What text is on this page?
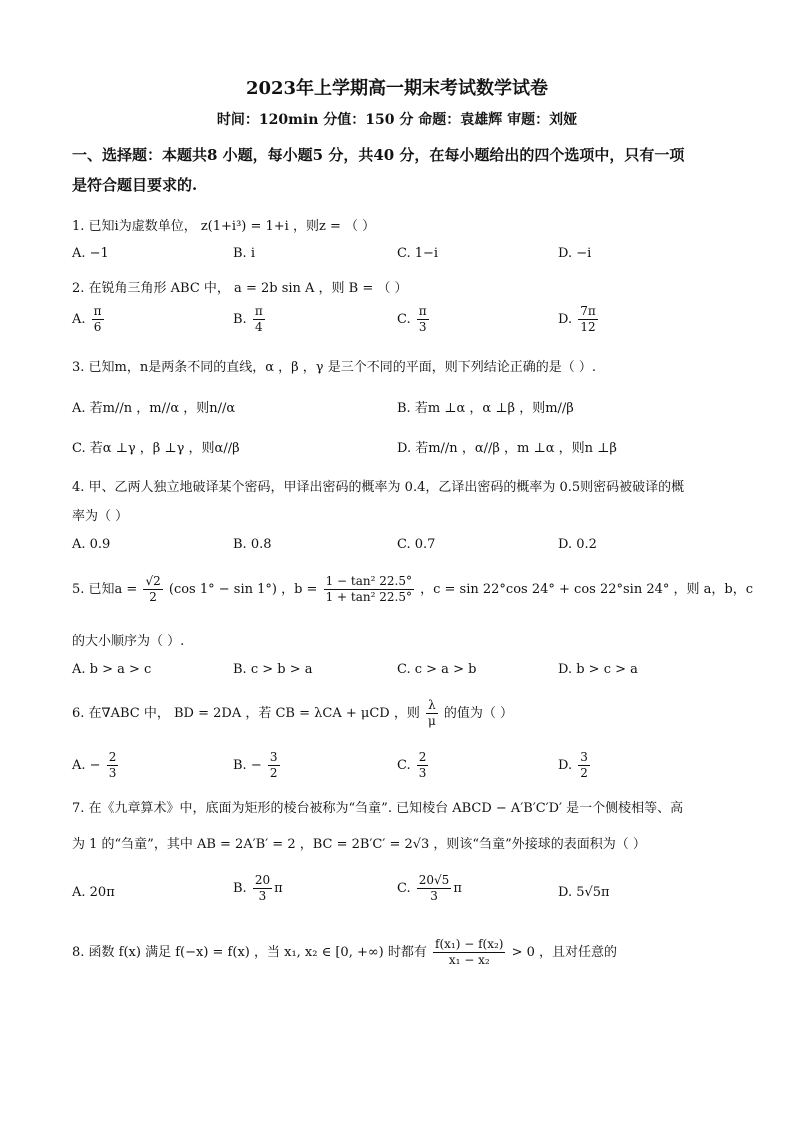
2023年上学期高一期末考试数学试卷
时间：120min 分值：150 分 命题：袁雄辉 审题：刘娅
一、选择题：本题共8 小题，每小题5 分，共40 分，在每小题给出的四个选项中，只有一项
是符合题目要求的.
1. 已知i为虚数单位， z(1+i³) = 1+i ，则z = （ ）
A. −1	B. i	C. 1−i	D. −i
2. 在锐角三角形 ABC 中， a = 2b sin A ，则 B = （ ）
A. $\frac{\pi}{6}$	B. $\frac{\pi}{4}$	C. $\frac{\pi}{3}$	D. $\frac{7\pi}{12}$
3. 已知m，n是两条不同的直线，α ，β ，γ 是三个不同的平面，则下列结论正确的是（ ）.
A. 若m//n ，m//α ，则n//α	B. 若m ⊥α ，α ⊥β ，则m//β
C. 若α ⊥γ ，β ⊥γ ，则α//β	D. 若m//n ，α//β ，m ⊥α ，则n ⊥β
4. 甲、乙两人独立地破译某个密码，甲译出密码的概率为 0.4，乙译出密码的概率为 0.5则密码被破译的概
率为（ ）
A. 0.9	B. 0.8	C. 0.7	D. 0.2
5. 已知$a = \frac{√2}{2} (\cos$ 1° − sin 1°) ，$b = \frac{\text{1 − tan² 22.5°}}{\text{1 + tan² 22.5°}}$ ，c = sin 22°cos 24° + cos 22°sin 24° ，则 a，b，c
的大小顺序为（ ）.
A. b > a > c	B. c > b > a	C. c > a > b	D. b > c > a
6. 在∇ABC 中， BD = 2DA ，若 CB = λCA + μCD ，则 $\frac{\lambda}{\mu}$ 的值为（ ）
A. − $\frac{2}{3}$	B. − $\frac{3}{2}$	C. $\frac{2}{3}$	D. $\frac{3}{2}$
7. 在《九章算术》中，底面为矩形的棱台被称为“刍童”. 已知棱台 ABCD − A′B′C′D′ 是一个侧棱相等、高
为 1 的“刍童”，其中 AB = 2A′B′ = 2 ，BC = 2B′C′ = 2√3 ，则该“刍童”外接球的表面积为（ ）
A. 20π	B. $\frac{20}{3}$ π	C. $\frac{20√5}{3}$ π	D. 5√5π
8. 函数 f(x) 满足 f(−x) = f(x) ，当 x₁, x₂ ∈ [0, +∞) 时都有 $\frac{\text{f(x₁) − f(x₂)}}{\text{x₁ − x₂}} > 0$ ，且对任意的
